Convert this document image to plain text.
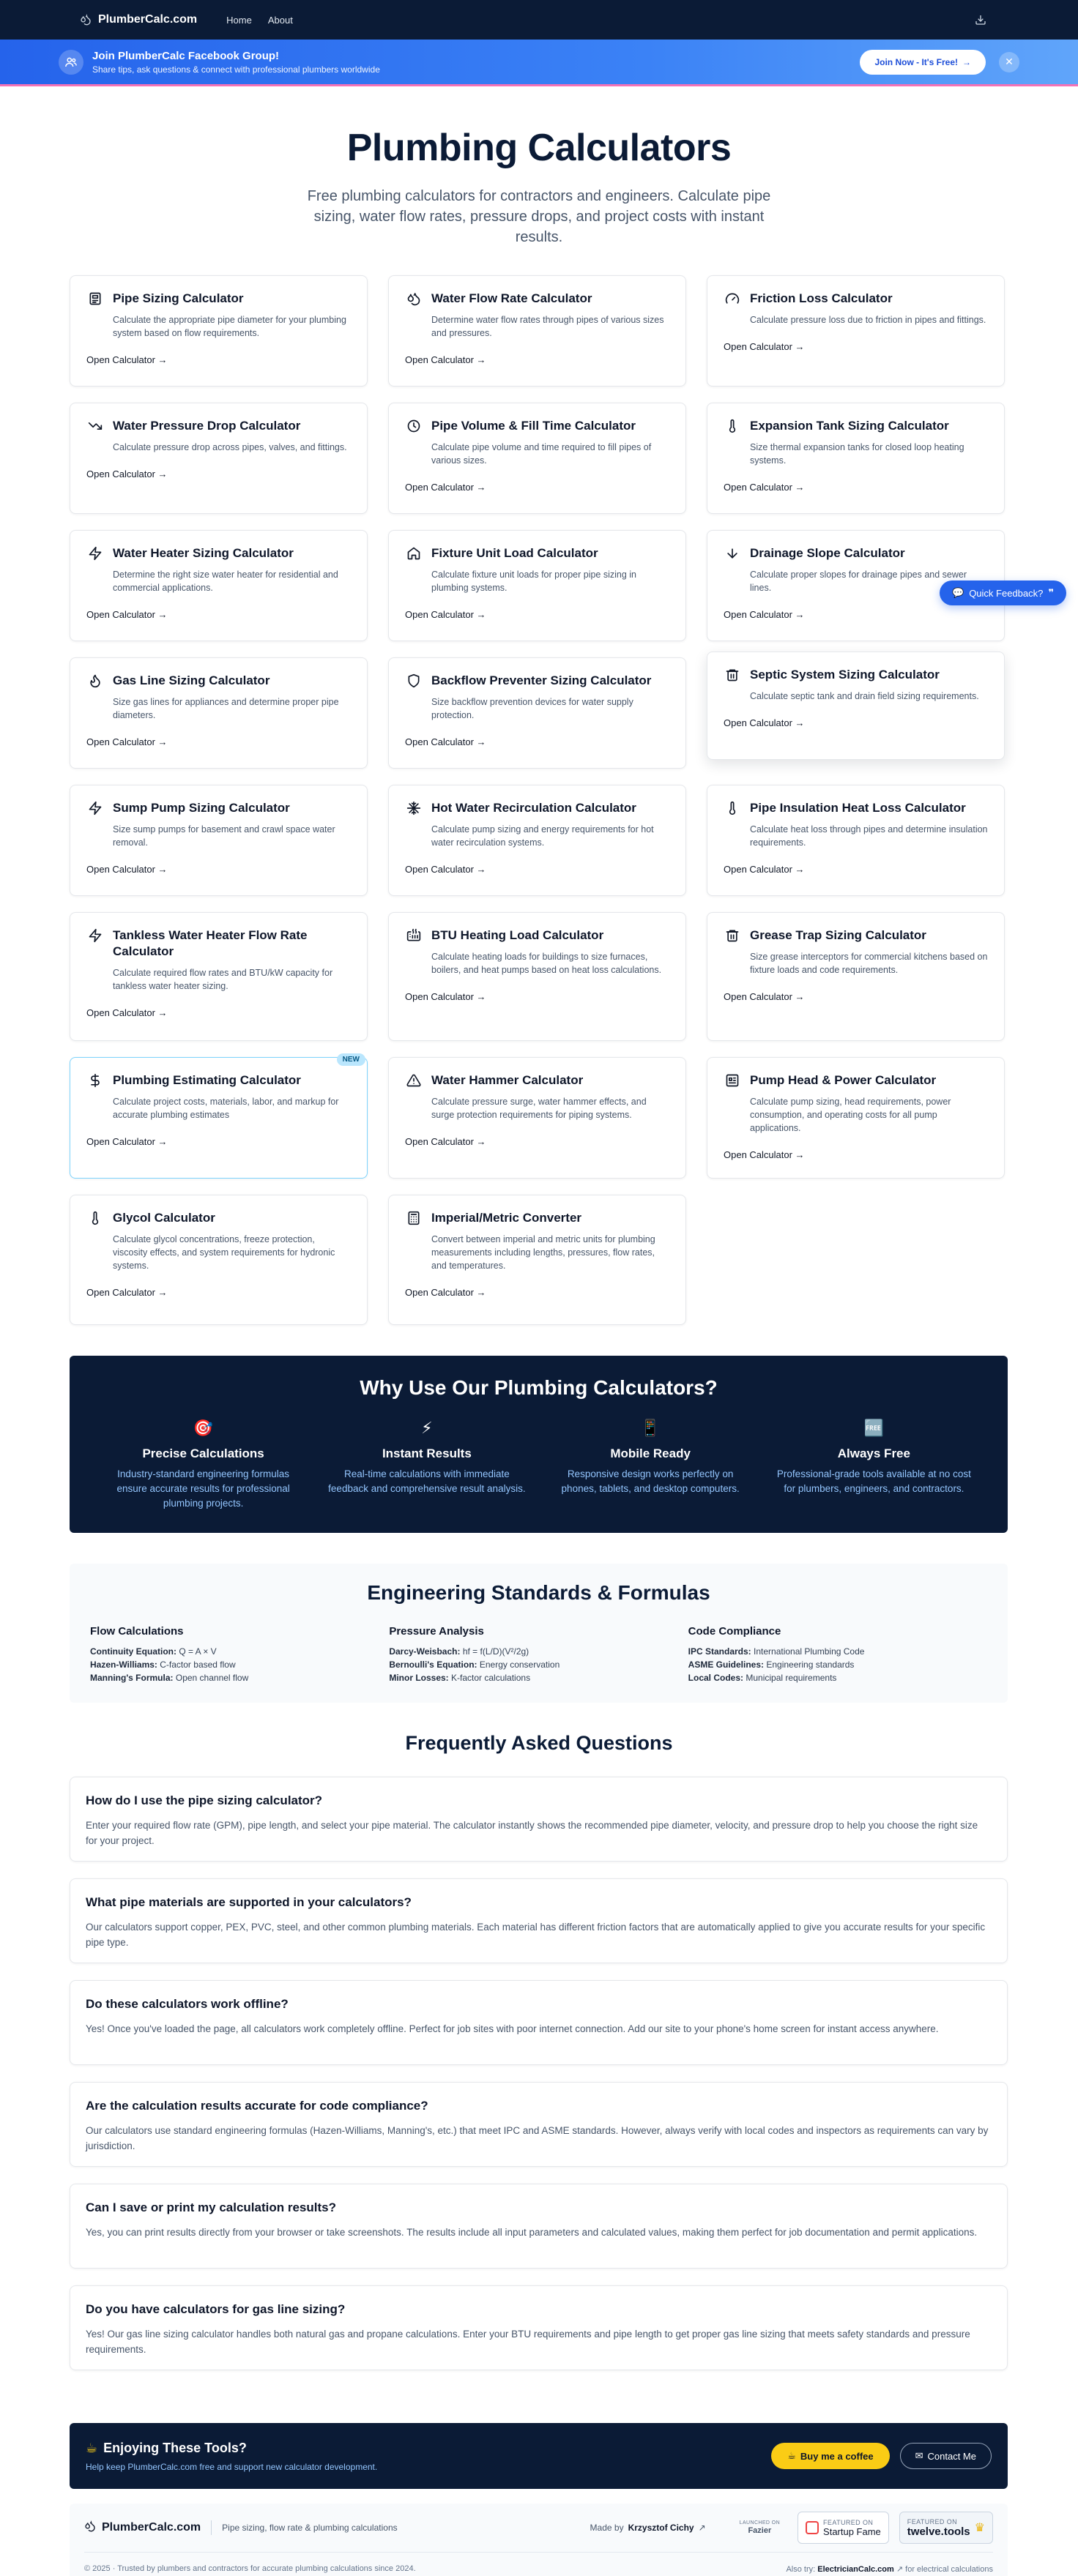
PlumberCalc.com	Home About
Join PlumberCalc Facebook Group!
Share tips, ask questions & connect with professional plumbers worldwide
Join Now - It's Free! →	✕
Plumbing Calculators

Free plumbing calculators for contractors and engineers. Calculate pipe sizing, water flow rates, pressure drops, and project costs with instant results.

Pipe Sizing Calculator
Calculate the appropriate pipe diameter for your plumbing system based on flow requirements.
Open Calculator →
Water Flow Rate Calculator
Determine water flow rates through pipes of various sizes and pressures.
Open Calculator →
Friction Loss Calculator
Calculate pressure loss due to friction in pipes and fittings.
Open Calculator →
Water Pressure Drop Calculator
Calculate pressure drop across pipes, valves, and fittings.
Open Calculator →
Pipe Volume & Fill Time Calculator
Calculate pipe volume and time required to fill pipes of various sizes.
Open Calculator →
Expansion Tank Sizing Calculator
Size thermal expansion tanks for closed loop heating systems.
Open Calculator →
Water Heater Sizing Calculator
Determine the right size water heater for residential and commercial applications.
Open Calculator →
Fixture Unit Load Calculator
Calculate fixture unit loads for proper pipe sizing in plumbing systems.
Open Calculator →
Drainage Slope Calculator
Calculate proper slopes for drainage pipes and sewer lines.
Open Calculator →
Gas Line Sizing Calculator
Size gas lines for appliances and determine proper pipe diameters.
Open Calculator →
Backflow Preventer Sizing Calculator
Size backflow prevention devices for water supply protection.
Open Calculator →
Septic System Sizing Calculator
Calculate septic tank and drain field sizing requirements.
Open Calculator →
Sump Pump Sizing Calculator
Size sump pumps for basement and crawl space water removal.
Open Calculator →
Hot Water Recirculation Calculator
Calculate pump sizing and energy requirements for hot water recirculation systems.
Open Calculator →
Pipe Insulation Heat Loss Calculator
Calculate heat loss through pipes and determine insulation requirements.
Open Calculator →
Tankless Water Heater Flow Rate Calculator
Calculate required flow rates and BTU/kW capacity for tankless water heater sizing.
Open Calculator →
BTU Heating Load Calculator
Calculate heating loads for buildings to size furnaces, boilers, and heat pumps based on heat loss calculations.
Open Calculator →
Grease Trap Sizing Calculator
Size grease interceptors for commercial kitchens based on fixture loads and code requirements.
Open Calculator →
Plumbing Estimating Calculator
Calculate project costs, materials, labor, and markup for accurate plumbing estimates
Open Calculator →
NEW
Water Hammer Calculator
Calculate pressure surge, water hammer effects, and surge protection requirements for piping systems.
Open Calculator →
Pump Head & Power Calculator
Calculate pump sizing, head requirements, power consumption, and operating costs for all pump applications.
Open Calculator →
Glycol Calculator
Calculate glycol concentrations, freeze protection, viscosity effects, and system requirements for hydronic systems.
Open Calculator →
Imperial/Metric Converter
Convert between imperial and metric units for plumbing measurements including lengths, pressures, flow rates, and temperatures.
Open Calculator →
Why Use Our Plumbing Calculators?
🎯
Precise Calculations

Industry-standard engineering formulas ensure accurate results for professional plumbing projects.

⚡
Instant Results

Real-time calculations with immediate feedback and comprehensive result analysis.

📱
Mobile Ready

Responsive design works perfectly on phones, tablets, and desktop computers.

🆓
Always Free

Professional-grade tools available at no cost for plumbers, engineers, and contractors.

Engineering Standards & Formulas
Flow Calculations
Continuity Equation: Q = A × V
Hazen-Williams: C-factor based flow
Manning's Formula: Open channel flow
Pressure Analysis
Darcy-Weisbach: hf = f(L/D)(V²/2g)
Bernoulli's Equation: Energy conservation
Minor Losses: K-factor calculations
Code Compliance
IPC Standards: International Plumbing Code
ASME Guidelines: Engineering standards
Local Codes: Municipal requirements
Frequently Asked Questions
How do I use the pipe sizing calculator?

Enter your required flow rate (GPM), pipe length, and select your pipe material. The calculator instantly shows the recommended pipe diameter, velocity, and pressure drop to help you choose the right size for your project.

What pipe materials are supported in your calculators?

Our calculators support copper, PEX, PVC, steel, and other common plumbing materials. Each material has different friction factors that are automatically applied to give you accurate results for your specific pipe type.

Do these calculators work offline?

Yes! Once you've loaded the page, all calculators work completely offline. Perfect for job sites with poor internet connection. Add our site to your phone's home screen for instant access anywhere.

Are the calculation results accurate for code compliance?

Our calculators use standard engineering formulas (Hazen-Williams, Manning's, etc.) that meet IPC and ASME standards. However, always verify with local codes and inspectors as requirements can vary by jurisdiction.

Can I save or print my calculation results?

Yes, you can print results directly from your browser or take screenshots. The results include all input parameters and calculated values, making them perfect for job documentation and permit applications.

Do you have calculators for gas line sizing?

Yes! Our gas line sizing calculator handles both natural gas and propane calculations. Enter your BTU requirements and pipe length to get proper gas line sizing that meets safety standards and pressure requirements.

☕ Enjoying These Tools?

Help keep PlumberCalc.com free and support new calculator development.

☕ Buy me a coffee	✉ Contact Me
PlumberCalc.com Pipe sizing, flow rate & plumbing calculations	Made by Krzysztof Cichy ↗	LAUNCHED ON
Fazier
FEATURED ON
Startup Fame
FEATURED ON
twelve.tools ♛
© 2025 · Trusted by plumbers and contractors for accurate plumbing calculations since 2024.	Also try: ElectricianCalc.com ↗ for electrical calculations
💬 Quick Feedback? ❞
